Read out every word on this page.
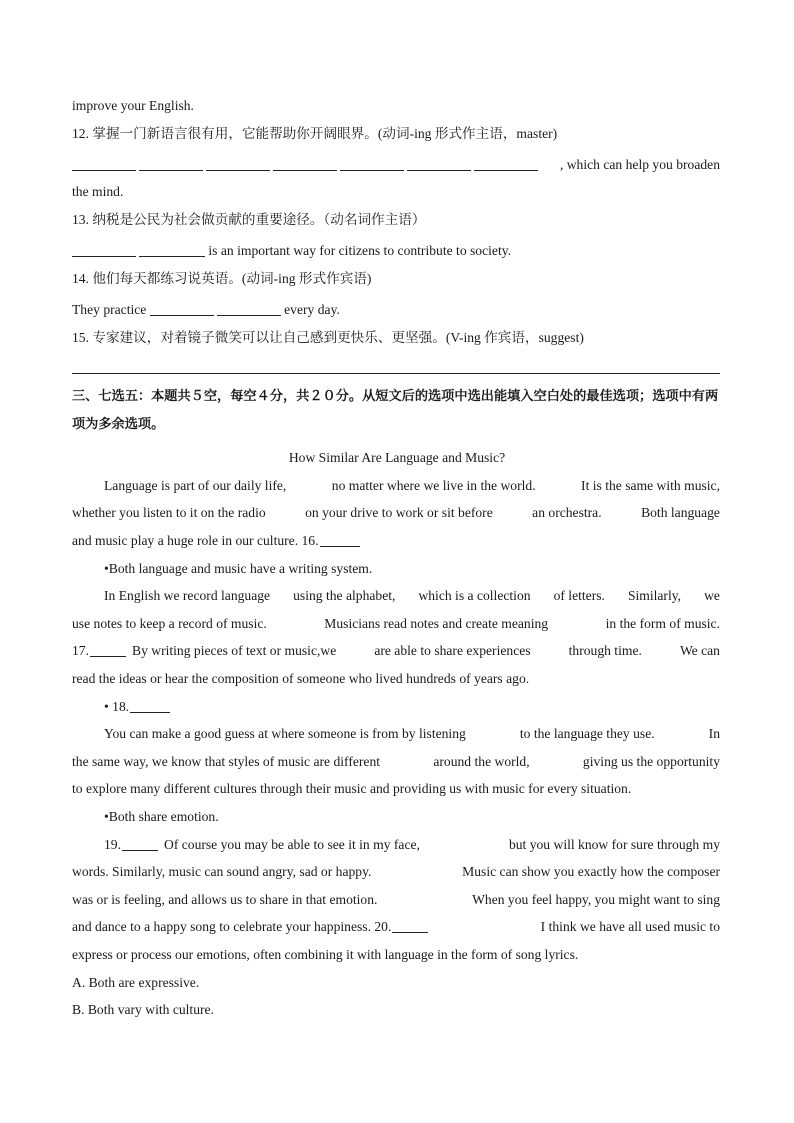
improve your English.
12. 掌握一门新语言很有用，它能帮助你开阔眼界。(动词-ing 形式作主语，master)
, which can help you broaden
the mind.
13. 纳税是公民为社会做贡献的重要途径。（动名词作主语）
is an important way for citizens to contribute to society.
14. 他们每天都练习说英语。(动词-ing 形式作宾语)
They practice	every day.
15. 专家建议，对着镜子微笑可以让自己感到更快乐、更坚强。(V-ing 作宾语，suggest)
三、七选五：本题共５空，每空４分，共２０分。从短文后的选项中选出能填入空白处的最佳选项；选项中有两项为多余选项。
How Similar Are Language and Music?
Language is part of our daily life,	no matter where we live in the world.	It is the same with music,
whether you listen to it on the radio	on your drive to work or sit before	an orchestra.	Both language
and music play a huge role in our culture. 16.
•Both language and music have a writing system.
In English we record language using the alphabet, which is a collection of letters. Similarly, we
use notes to keep a record of music.	Musicians read notes and create meaning	in the form of music.
17.	By writing pieces of text or music,we	are able to share experiences	through time.	We can
read the ideas or hear the composition of someone who lived hundreds of years ago.
• 18.
You can make a good guess at where someone is from by listening	to the language they use.	In
the same way, we know that styles of music are different	around the world,	giving us the opportunity
to explore many different cultures through their music and providing us with music for every situation.
•Both share emotion.
19.	Of course you may be able to see it in my face,	but you will know for sure through my
words. Similarly, music can sound angry, sad or happy.	Music can show you exactly how the composer
was or is feeling, and allows us to share in that emotion.	When you feel happy, you might want to sing
and dance to a happy song to celebrate your happiness. 20.	I think we have all used music to
express or process our emotions, often combining it with language in the form of song lyrics.
A. Both are expressive.
B. Both vary with culture.
